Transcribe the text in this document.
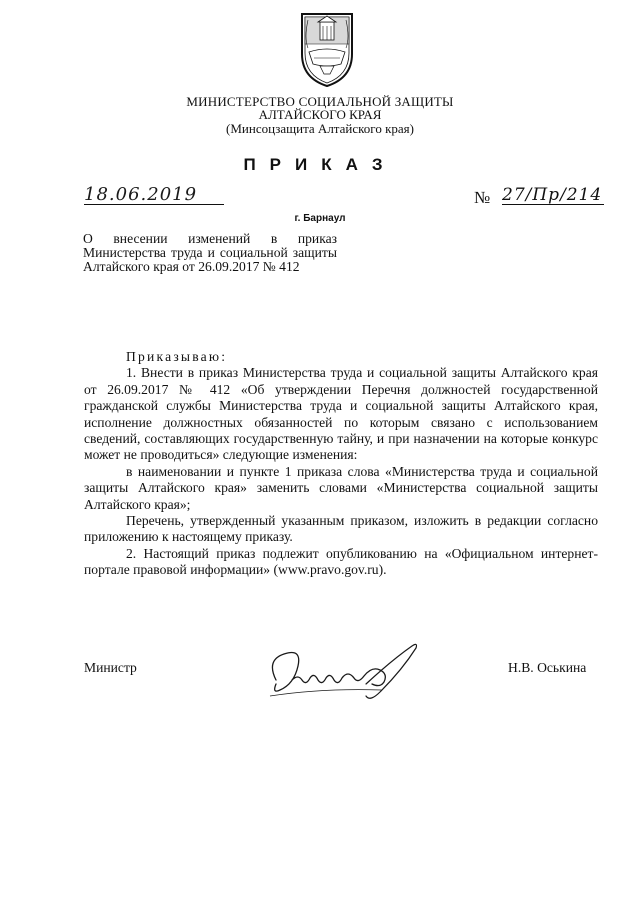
МИНИСТЕРСТВО СОЦИАЛЬНОЙ ЗАЩИТЫ
АЛТАЙСКОГО КРАЯ
(Минсоцзащита Алтайского края)
ПРИКАЗ
18.06.2019	№ 27/Пр/214
г. Барнаул
О внесении изменений в приказ Министерства труда и социальной защиты Алтайского края от 26.09.2017 № 412

Приказываю:

1. Внести в приказ Министерства труда и социальной защиты Алтайского края от 26.09.2017 № 412 «Об утверждении Перечня должностей государственной гражданской службы Министерства труда и социальной защиты Алтайского края, исполнение должностных обязанностей по которым связано с использованием сведений, составляющих государственную тайну, и при назначении на которые конкурс может не проводиться» следующие изменения:

в наименовании и пункте 1 приказа слова «Министерства труда и социальной защиты Алтайского края» заменить словами «Министерства социальной защиты Алтайского края»;

Перечень, утвержденный указанным приказом, изложить в редакции согласно приложению к настоящему приказу.

2. Настоящий приказ подлежит опубликованию на «Официальном интернет-портале правовой информации» (www.pravo.gov.ru).

Министр	Н.В. Оськина
